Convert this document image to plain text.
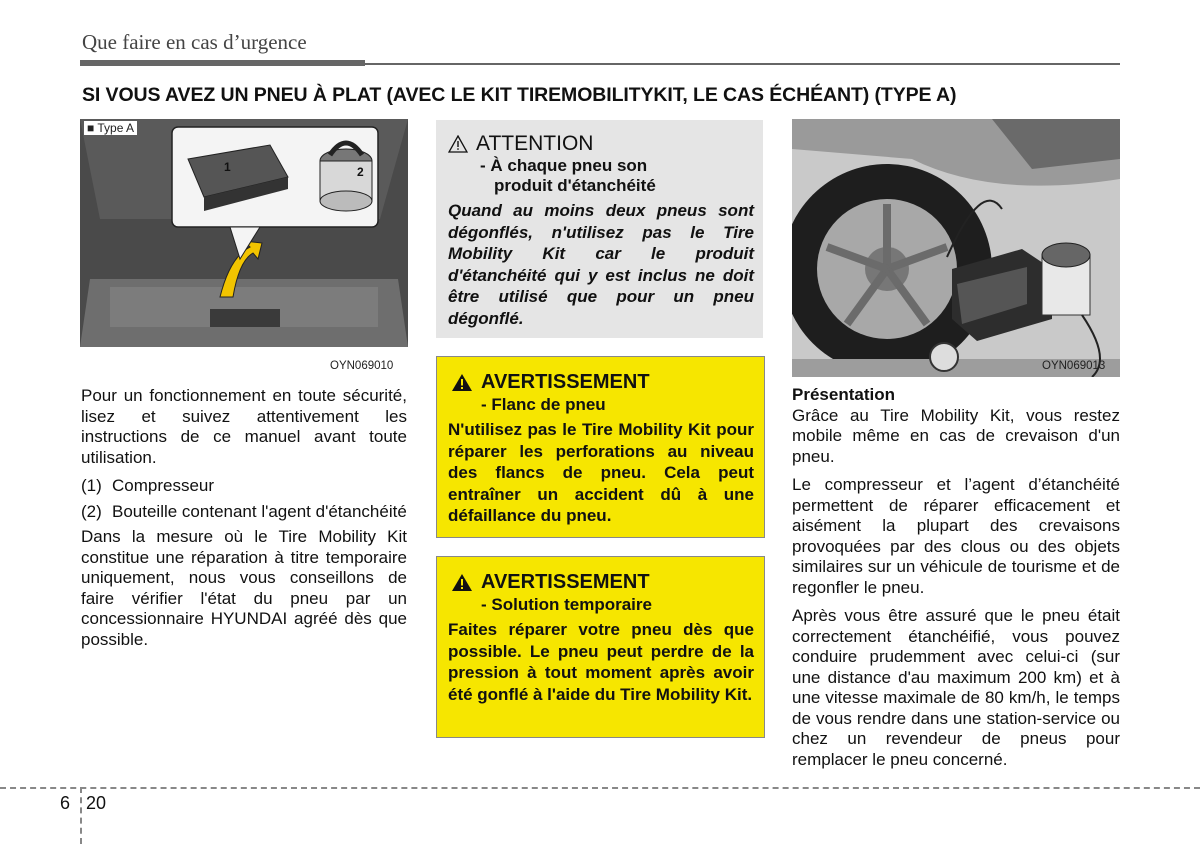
Que faire en cas d’urgence
SI VOUS AVEZ UN PNEU À PLAT (AVEC LE KIT TIREMOBILITYKIT, LE CAS ÉCHÉANT) (TYPE A)
■ Type A
1	2
OYN069010

Pour un fonctionnement en toute sécurité, lisez et suivez attentivement les instructions de ce manuel avant toute utilisation.

(1) Compresseur
(2) Bouteille contenant l'agent d'étanchéité

Dans la mesure où le Tire Mobility Kit constitue une réparation à titre temporaire uniquement, nous vous conseillons de faire vérifier l'état du pneu par un concessionnaire HYUNDAI agréé dès que possible.

ATTENTION
- À chaque pneu son
produit d'étanchéité
Quand au moins deux pneus sont dégonflés, n'utilisez pas le Tire Mobility Kit car le produit d'étanchéité qui y est inclus ne doit être utilisé que pour un pneu dégonflé.
AVERTISSEMENT
- Flanc de pneu
N'utilisez pas le Tire Mobility Kit pour réparer les perforations au niveau des flancs de pneu. Cela peut entraîner un accident dû à une défaillance du pneu.
AVERTISSEMENT
- Solution temporaire
Faites réparer votre pneu dès que possible. Le pneu peut perdre de la pression à tout moment après avoir été gonflé à l'aide du Tire Mobility Kit.
OYN069013
Présentation

Grâce au Tire Mobility Kit, vous restez mobile même en cas de crevaison d'un pneu.

Le compresseur et l’agent d’étanchéité permettent de réparer efficacement et aisément la plupart des crevaisons provoquées par des clous ou des objets similaires sur un véhicule de tourisme et de regonfler le pneu.

Après vous être assuré que le pneu était correctement étanchéifié, vous pouvez conduire prudemment avec celui-ci (sur une distance d'au maximum 200 km) et à une vitesse maximale de 80 km/h, le temps de vous rendre dans une station-service ou chez un revendeur de pneus pour remplacer le pneu concerné.

6 20
